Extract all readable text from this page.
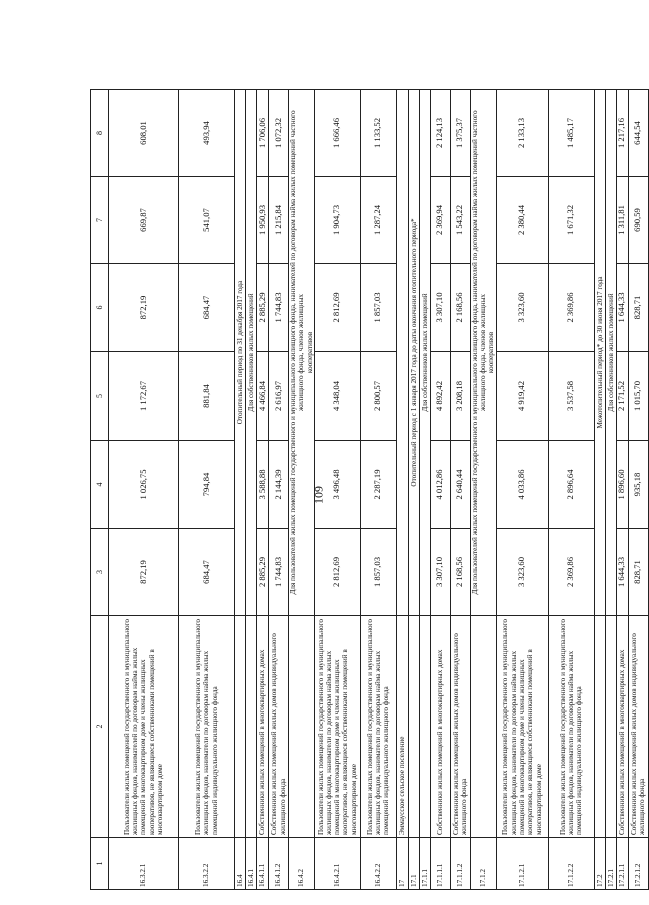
109
1	2	3	4	5	6	7	8
16.3.2.1	Пользователи жилых помещений государственного и муниципального жилищных фондов, нанимателей по договорам найма жилых помещений в многоквартирном доме и члены жилищных кооперативов, не являющиеся собственниками помещений в многоквартирном доме	872,19	1 026,75	1 172,67	872,19	669,87	608,01
16.3.2.2	Пользователи жилых помещений государственного и муниципального жилищных фондов, наниматели по договорам найма жилых помещений индивидуального жилищного фонда	684,47	794,84	881,84	684,47	541,07	493,94
16.4		Отопительный период по 31 декабря 2017 года					

16.4.1		Для собственников жилых помещений					

16.4.1.1	Собственники жилых помещений в многоквартирных домах	2 885,29	3 588,88	4 466,84	2 885,29	1 950,93	1 706,06
16.4.1.2	Собственники жилых помещений жилых домов индивидуального жилищного фонда	1 744,83	2 144,39	2 616,97	1 744,83	1 215,84	1 072,32
16.4.2		Для пользователей жилых помещений государственного и муниципального жилищного фонда, нанимателей по договорам найма жилых помещений частного жилищного фонда, членов жилищных кооперативов					

16.4.2.1	Пользователи жилых помещений государственного и муниципального жилищных фондов, наниматели по договорам найма жилых помещений в многоквартирном доме и члены жилищных кооперативов, не являющиеся собственниками помещений в многоквартирном доме	2 812,69	3 496,48	4 348,04	2 812,69	1 904,73	1 666,46
16.4.2.2	Пользователи жилых помещений государственного и муниципального жилищных фондов, наниматели по договорам найма жилых помещений индивидуального жилищного фонда	1 857,03	2 287,19	2 800,57	1 857,03	1 287,24	1 133,52
17	Эммаусское сельское поселение						
17.1		Отопительный период с 1 января 2017 года до даты окончания отопительного периода*					

17.1.1		Для собственников жилых помещений					

17.1.1.1	Собственники жилых помещений в многоквартирных домах	3 307,10	4 012,86	4 892,42	3 307,10	2 369,94	2 124,13
17.1.1.2	Собственники жилых помещений жилых домов индивидуального жилищного фонда	2 168,56	2 640,44	3 208,18	2 168,56	1 543,22	1 375,37
17.1.2		Для пользователей жилых помещений государственного и муниципального жилищного фонда, нанимателей по договорам найма жилых помещений частного жилищного фонда, членов жилищных кооперативов					

17.1.2.1	Пользователи жилых помещений государственного и муниципального жилищных фондов, наниматели по договорам найма жилых помещений в многоквартирном доме и члены жилищных кооперативов, не являющиеся собственниками помещений в многоквартирном доме	3 323,60	4 033,86	4 919,42	3 323,60	2 380,44	2 133,13
17.1.2.2	Пользователи жилых помещений государственного и муниципального жилищных фондов, наниматели по договорам найма жилых помещений индивидуального жилищного фонда	2 369,86	2 896,64	3 537,58	2 369,86	1 671,32	1 485,17
17.2		Межотопительный период* до 30 июня 2017 года					

17.2.1		Для собственников жилых помещений					

17.2.1.1	Собственники жилых помещений в многоквартирных домах	1 644,33	1 896,60	2 171,52	1 644,33	1 311,81	1 217,16
17.2.1.2	Собственники жилых помещений жилых домов индивидуального жилищного фонда	828,71	935,18	1 015,70	828,71	690,59	644,54
